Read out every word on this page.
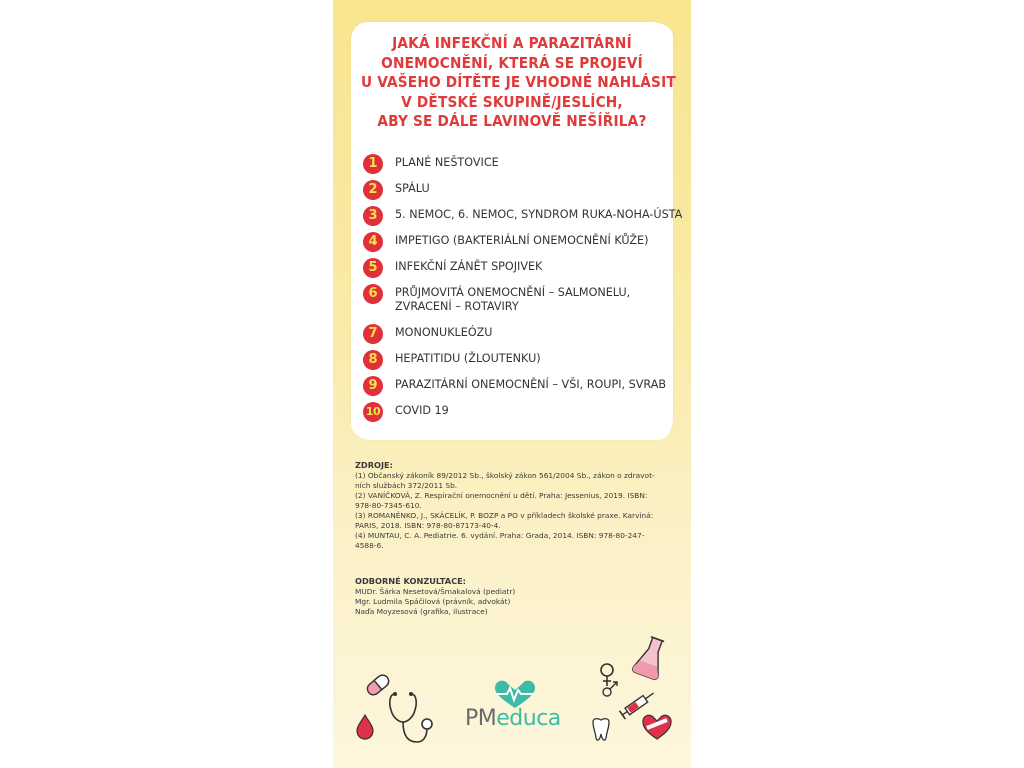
JAKÁ INFEKČNÍ A PARAZITÁRNÍ
ONEMOCNĚNÍ, KTERÁ SE PROJEVÍ
U VAŠEHO DÍTĚTE JE VHODNÉ NAHLÁSIT
V DĚTSKÉ SKUPINĚ/JESLÍCH,
ABY SE DÁLE LAVINOVĚ NEŠÍŘILA?
1	PLANÉ NEŠTOVICE
2	SPÁLU
3	5. NEMOC, 6. NEMOC, SYNDROM RUKA-NOHA-ÚSTA
4	IMPETIGO (BAKTERIÁLNÍ ONEMOCNĚNÍ KŮŽE)
5	INFEKČNÍ ZÁNĚT SPOJIVEK
6	PRŮJMOVITÁ ONEMOCNĚNÍ – SALMONELU,
ZVRACENÍ – ROTAVIRY
7	MONONUKLEÓZU
8	HEPATITIDU (ŽLOUTENKU)
9	PARAZITÁRNÍ ONEMOCNĚNÍ – VŠI, ROUPI, SVRAB
10 COVID 19
ZDROJE:
(1) Občanský zákoník 89/2012 Sb., školský zákon 561/2004 Sb., zákon o zdravot-
ních službách 372/2011 Sb.
(2) VANÍČKOVÁ, Z. Respirační onemocnění u dětí. Praha: Jessenius, 2019. ISBN:
978-80-7345-610.
(3) ROMANĚNKO, J., SKÁCELÍK, P. BOZP a PO v příkladech školské praxe. Karviná:
PARIS, 2018. ISBN: 978-80-87173-40-4.
(4) MUNTAU, C. A. Pediatrie. 6. vydání. Praha: Grada, 2014. ISBN: 978-80-247-
4588-6.
ODBORNÉ KONZULTACE:
MUDr. Šárka Nesetová/Šmakalová (pediatr)
Mgr. Ludmila Spáčilová (právník, advokát)
Naďa Moyzesová (grafika, ilustrace)
PMeduca
